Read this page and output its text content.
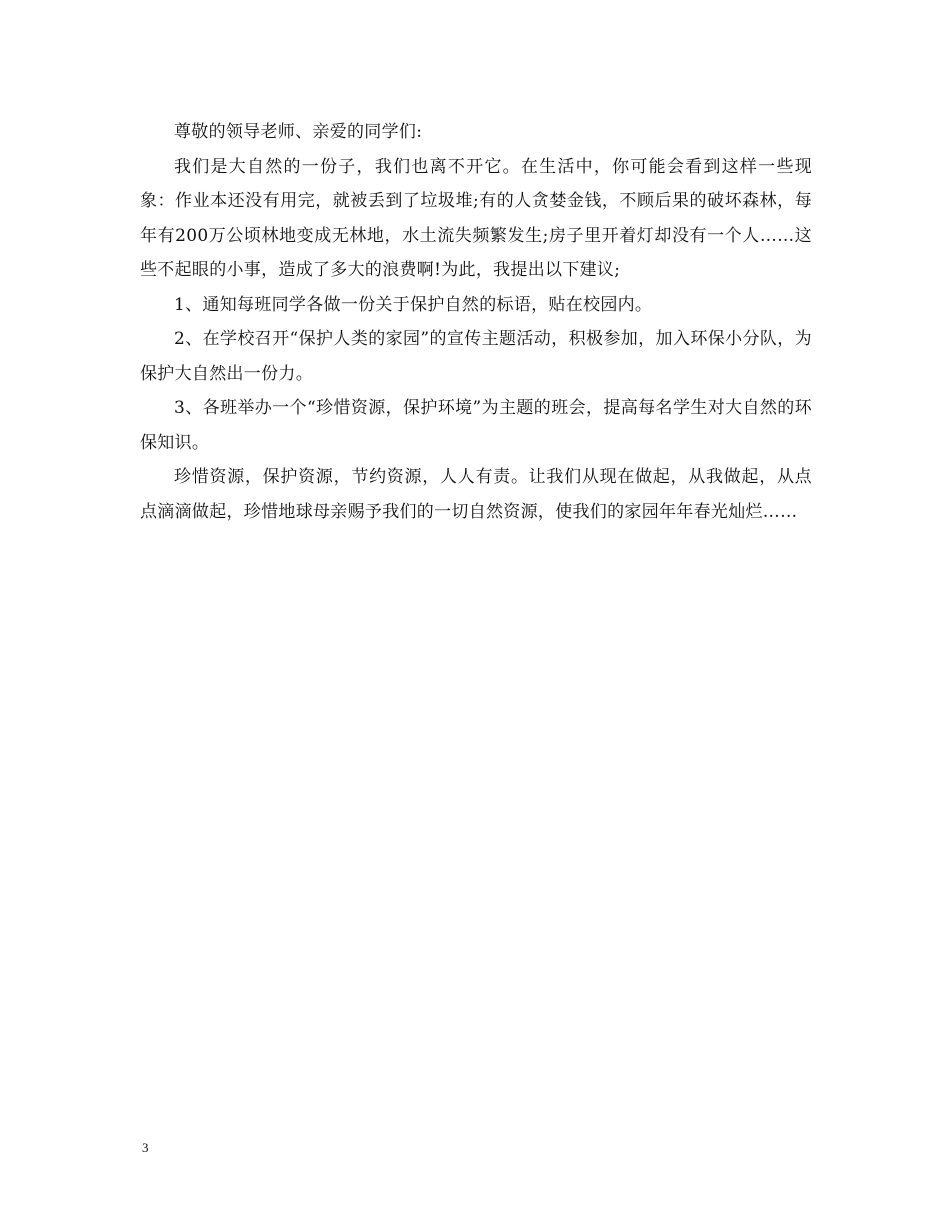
尊敬的领导老师、亲爱的同学们:

我们是大自然的一份子，我们也离不开它。在生活中，你可能会看到这样一些现象：作业本还没有用完，就被丢到了垃圾堆;有的人贪婪金钱，不顾后果的破坏森林，每年有200万公顷林地变成无林地，水土流失频繁发生;房子里开着灯却没有一个人……这些不起眼的小事，造成了多大的浪费啊!为此，我提出以下建议;

1、通知每班同学各做一份关于保护自然的标语，贴在校园内。

2、在学校召开“保护人类的家园”的宣传主题活动，积极参加，加入环保小分队，为保护大自然出一份力。

3、各班举办一个“珍惜资源，保护环境”为主题的班会，提高每名学生对大自然的环保知识。

珍惜资源，保护资源，节约资源，人人有责。让我们从现在做起，从我做起，从点点滴滴做起，珍惜地球母亲赐予我们的一切自然资源，使我们的家园年年春光灿烂……

3
